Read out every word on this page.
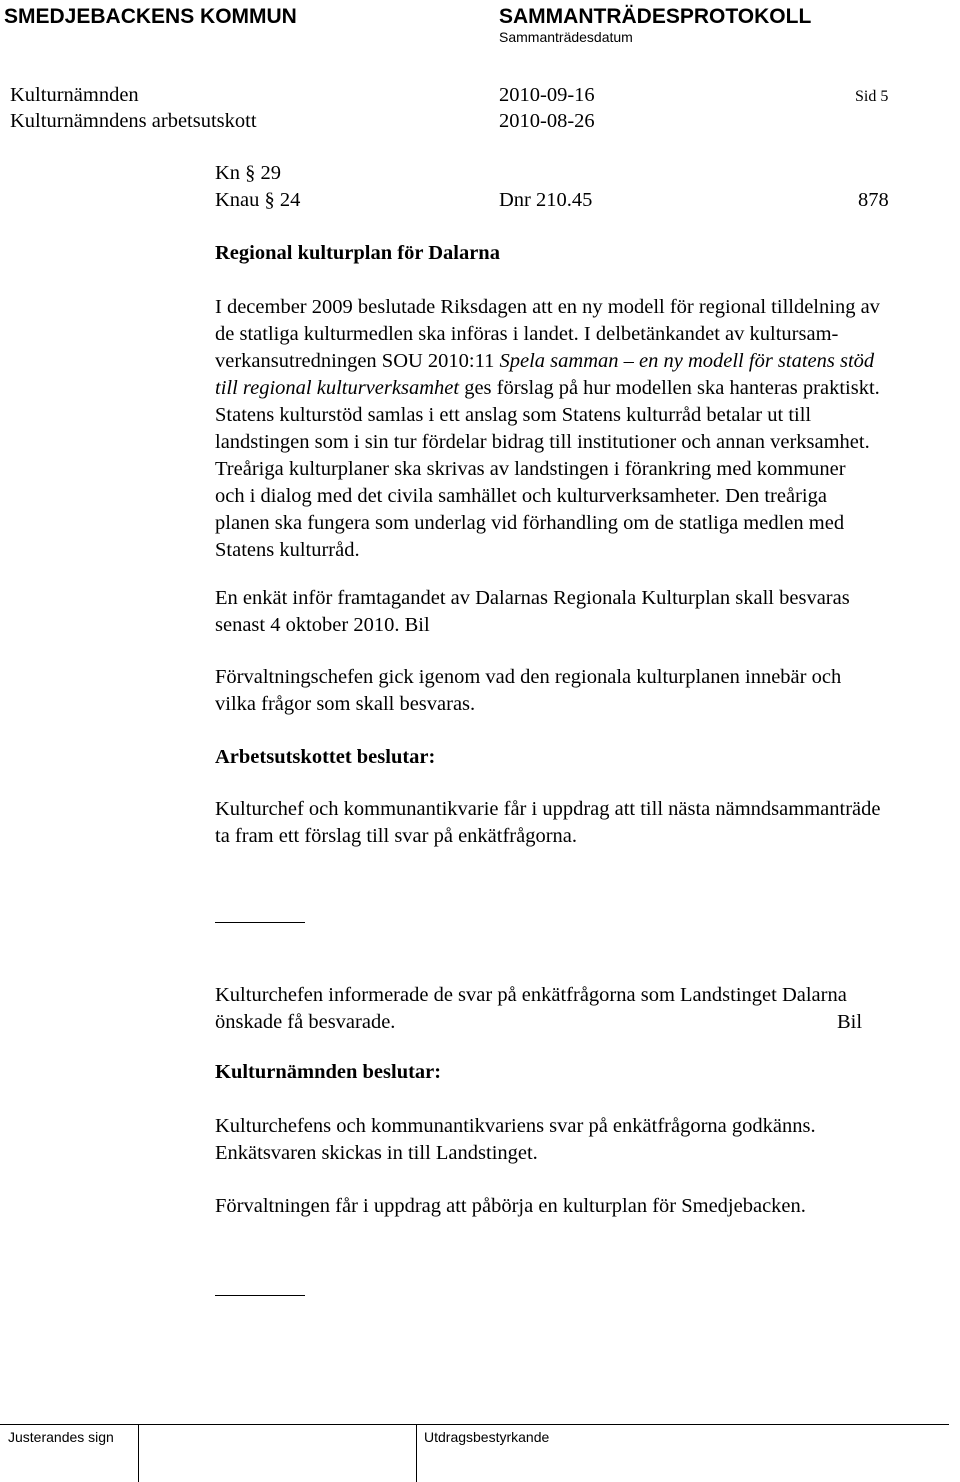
SMEDJEBACKENS KOMMUN	SAMMANTRÄDESPROTOKOLL
Sammanträdesdatum
Kulturnämnden	2010-09-16	Sid 5
Kulturnämndens arbetsutskott	2010-08-26
Kn § 29
Knau § 24	Dnr 210.45	878
Regional kulturplan för Dalarna
I december 2009 beslutade Riksdagen att en ny modell för regional tilldelning av
de statliga kulturmedlen ska införas i landet. I delbetänkandet av kultursam-
verkansutredningen SOU 2010:11 Spela samman – en ny modell för statens stöd
till regional kulturverksamhet ges förslag på hur modellen ska hanteras praktiskt.
Statens kulturstöd samlas i ett anslag som Statens kulturråd betalar ut till
landstingen som i sin tur fördelar bidrag till institutioner och annan verksamhet.
Treåriga kulturplaner ska skrivas av landstingen i förankring med kommuner
och i dialog med det civila samhället och kulturverksamheter. Den treåriga
planen ska fungera som underlag vid förhandling om de statliga medlen med
Statens kulturråd.
En enkät inför framtagandet av Dalarnas Regionala Kulturplan skall besvaras
senast 4 oktober 2010. Bil
Förvaltningschefen gick igenom vad den regionala kulturplanen innebär och
vilka frågor som skall besvaras.
Arbetsutskottet beslutar:
Kulturchef och kommunantikvarie får i uppdrag att till nästa nämndsammanträde
ta fram ett förslag till svar på enkätfrågorna.
Kulturchefen informerade de svar på enkätfrågorna som Landstinget Dalarna
önskade få besvarade.	Bil
Kulturnämnden beslutar:
Kulturchefens och kommunantikvariens svar på enkätfrågorna godkänns.
Enkätsvaren skickas in till Landstinget.
Förvaltningen får i uppdrag att påbörja en kulturplan för Smedjebacken.
Justerandes sign	Utdragsbestyrkande
